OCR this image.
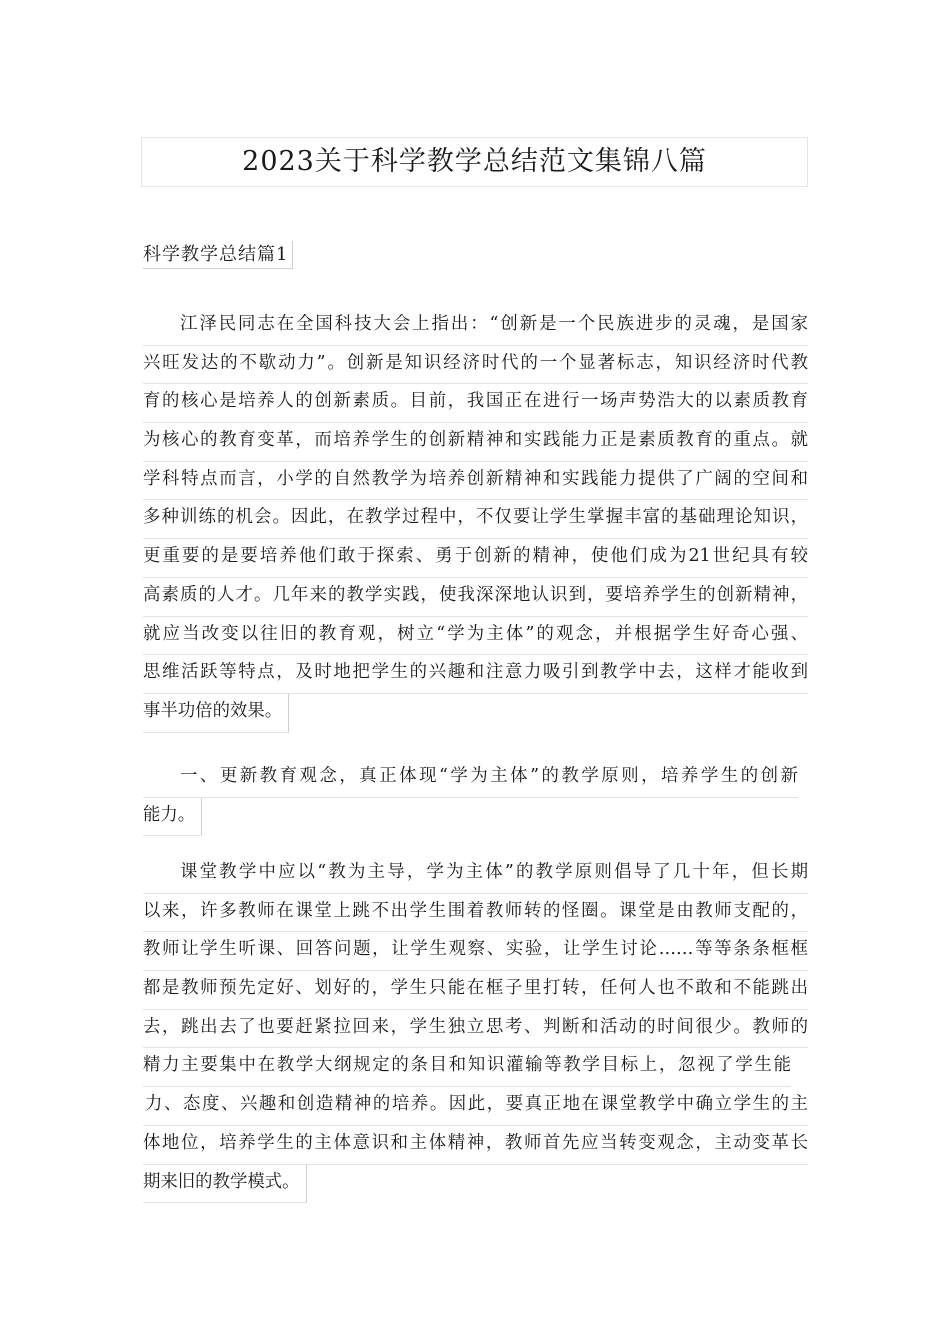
2023关于科学教学总结范文集锦八篇
科学教学总结篇1
江泽民同志在全国科技大会上指出：“创新是一个民族进步的灵魂，是国家
兴旺发达的不歇动力”。创新是知识经济时代的一个显著标志，知识经济时代教
育的核心是培养人的创新素质。目前，我国正在进行一场声势浩大的以素质教育
为核心的教育变革，而培养学生的创新精神和实践能力正是素质教育的重点。就
学科特点而言，小学的自然教学为培养创新精神和实践能力提供了广阔的空间和
多种训练的机会。因此，在教学过程中，不仅要让学生掌握丰富的基础理论知识，
更重要的是要培养他们敢于探索、勇于创新的精神，使他们成为21世纪具有较
高素质的人才。几年来的教学实践，使我深深地认识到，要培养学生的创新精神，
就应当改变以往旧的教育观，树立“学为主体”的观念，并根据学生好奇心强、
思维活跃等特点，及时地把学生的兴趣和注意力吸引到教学中去，这样才能收到
事半功倍的效果。
一、更新教育观念，真正体现“学为主体”的教学原则，培养学生的创新
能力。
课堂教学中应以“教为主导，学为主体”的教学原则倡导了几十年，但长期
以来，许多教师在课堂上跳不出学生围着教师转的怪圈。课堂是由教师支配的，
教师让学生听课、回答问题，让学生观察、实验，让学生讨论……等等条条框框
都是教师预先定好、划好的，学生只能在框子里打转，任何人也不敢和不能跳出
去，跳出去了也要赶紧拉回来，学生独立思考、判断和活动的时间很少。教师的
精力主要集中在教学大纲规定的条目和知识灌输等教学目标上，忽视了学生能
力、态度、兴趣和创造精神的培养。因此，要真正地在课堂教学中确立学生的主
体地位，培养学生的主体意识和主体精神，教师首先应当转变观念，主动变革长
期来旧的教学模式。
